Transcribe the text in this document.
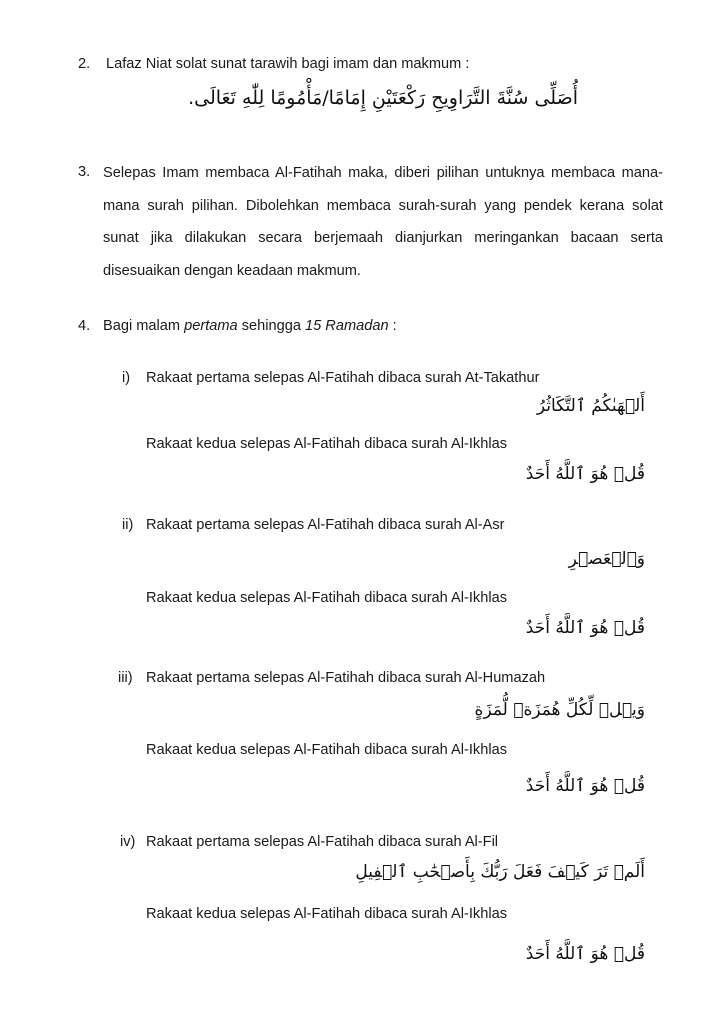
2. Lafaz Niat solat sunat tarawih bagi imam dan makmum :
أُصَلِّى سُنَّةَ التَّرَاوِيحِ رَكْعَتَيْنِ إِمَامًا/مَأْمُومًا لِلّٰهِ تَعَالَى.
3. Selepas Imam membaca Al-Fatihah maka, diberi pilihan untuknya membaca mana-
mana surah pilihan. Dibolehkan membaca surah-surah yang pendek kerana solat
sunat jika dilakukan secara berjemaah dianjurkan meringankan bacaan serta
disesuaikan dengan keadaan makmum.
4. Bagi malam pertama sehingga 15 Ramadan :
i) Rakaat pertama selepas Al-Fatihah dibaca surah At-Takathur
أَلۡهَىٰكُمُ ٱلتَّكَاثُرُ
Rakaat kedua selepas Al-Fatihah dibaca surah Al-Ikhlas
قُلۡ هُوَ ٱللَّهُ أَحَدٌ
ii) Rakaat pertama selepas Al-Fatihah dibaca surah Al-Asr
وَٱلۡعَصۡرِ
Rakaat kedua selepas Al-Fatihah dibaca surah Al-Ikhlas
قُلۡ هُوَ ٱللَّهُ أَحَدٌ
iii) Rakaat pertama selepas Al-Fatihah dibaca surah Al-Humazah
وَيۡلٞ لِّكُلِّ هُمَزَةٖ لُّمَزَةٍ
Rakaat kedua selepas Al-Fatihah dibaca surah Al-Ikhlas
قُلۡ هُوَ ٱللَّهُ أَحَدٌ
iv) Rakaat pertama selepas Al-Fatihah dibaca surah Al-Fil
أَلَمۡ تَرَ كَيۡفَ فَعَلَ رَبُّكَ بِأَصۡحَٰبِ ٱلۡفِيلِ
Rakaat kedua selepas Al-Fatihah dibaca surah Al-Ikhlas
قُلۡ هُوَ ٱللَّهُ أَحَدٌ
